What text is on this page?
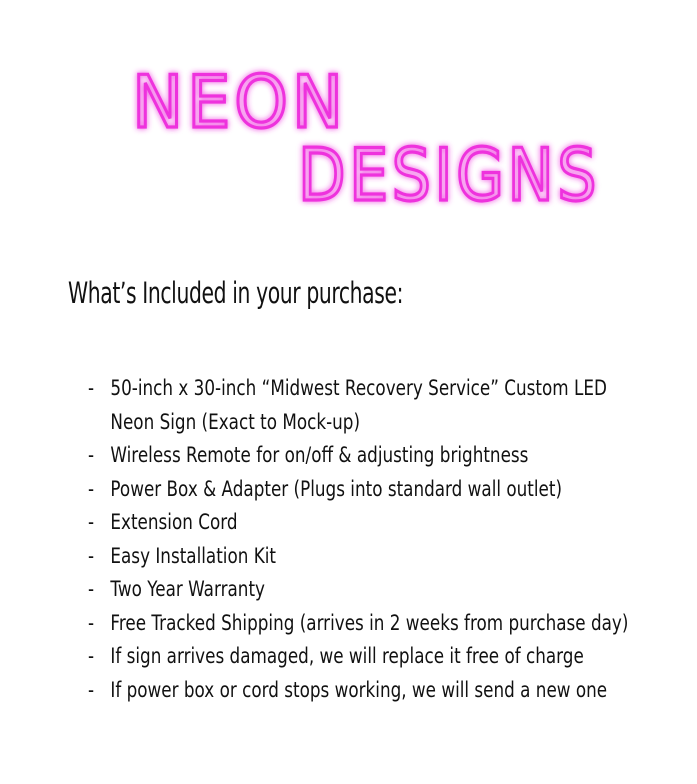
NEON
DESIGNS
What’s Included in your purchase:
- 50-inch x 30-inch “Midwest Recovery Service” Custom LED
Neon Sign (Exact to Mock-up)
- Wireless Remote for on/off & adjusting brightness
- Power Box & Adapter (Plugs into standard wall outlet)
- Extension Cord
- Easy Installation Kit
- Two Year Warranty
- Free Tracked Shipping (arrives in 2 weeks from purchase day)
- If sign arrives damaged, we will replace it free of charge
- If power box or cord stops working, we will send a new one
